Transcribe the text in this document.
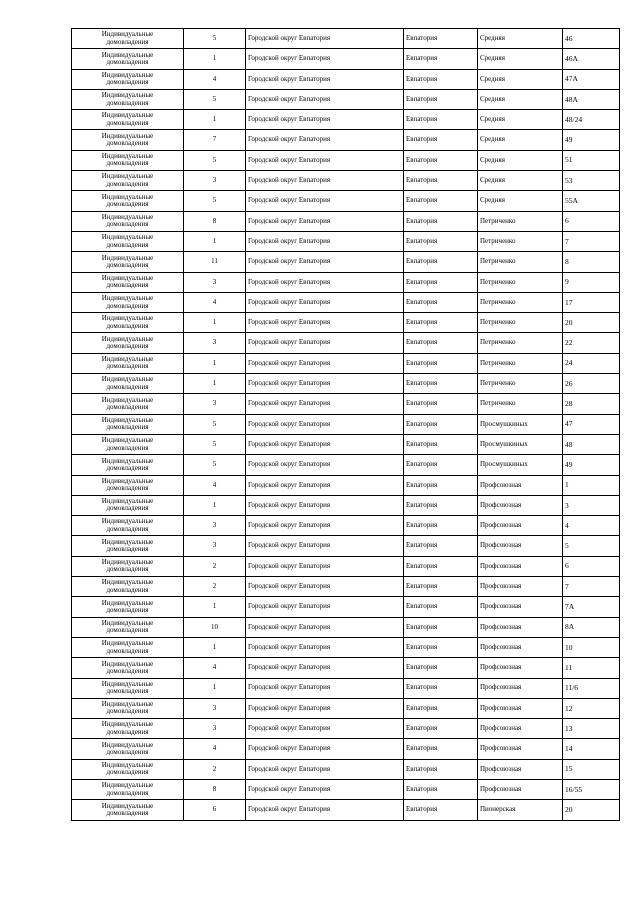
Индивидуальные
домовладения	5	Городской округ Евпатория	Евпатория	Средняя	46

Индивидуальные
домовладения	1	Городской округ Евпатория	Евпатория	Средняя	46А

Индивидуальные
домовладения	4	Городской округ Евпатория	Евпатория	Средняя	47А

Индивидуальные
домовладения	5	Городской округ Евпатория	Евпатория	Средняя	48А

Индивидуальные
домовладения	1	Городской округ Евпатория	Евпатория	Средняя	48/24

Индивидуальные
домовладения	7	Городской округ Евпатория	Евпатория	Средняя	49

Индивидуальные
домовладения	5	Городской округ Евпатория	Евпатория	Средняя	51

Индивидуальные
домовладения	3	Городской округ Евпатория	Евпатория	Средняя	53

Индивидуальные
домовладения	5	Городской округ Евпатория	Евпатория	Средняя	55А

Индивидуальные
домовладения	8	Городской округ Евпатория	Евпатория	Петриченко	6

Индивидуальные
домовладения	1	Городской округ Евпатория	Евпатория	Петриченко	7

Индивидуальные
домовладения	11	Городской округ Евпатория	Евпатория	Петриченко	8

Индивидуальные
домовладения	3	Городской округ Евпатория	Евпатория	Петриченко	9

Индивидуальные
домовладения	4	Городской округ Евпатория	Евпатория	Петриченко	17

Индивидуальные
домовладения	1	Городской округ Евпатория	Евпатория	Петриченко	20

Индивидуальные
домовладения	3	Городской округ Евпатория	Евпатория	Петриченко	22

Индивидуальные
домовладения	1	Городской округ Евпатория	Евпатория	Петриченко	24

Индивидуальные
домовладения	1	Городской округ Евпатория	Евпатория	Петриченко	26

Индивидуальные
домовладения	3	Городской округ Евпатория	Евпатория	Петриченко	28

Индивидуальные
домовладения	5	Городской округ Евпатория	Евпатория	Просмушкиных	47

Индивидуальные
домовладения	5	Городской округ Евпатория	Евпатория	Просмушкиных	48

Индивидуальные
домовладения	5	Городской округ Евпатория	Евпатория	Просмушкиных	49

Индивидуальные
домовладения	4	Городской округ Евпатория	Евпатория	Профсоюзная	1

Индивидуальные
домовладения	1	Городской округ Евпатория	Евпатория	Профсоюзная	3

Индивидуальные
домовладения	3	Городской округ Евпатория	Евпатория	Профсоюзная	4

Индивидуальные
домовладения	3	Городской округ Евпатория	Евпатория	Профсоюзная	5

Индивидуальные
домовладения	2	Городской округ Евпатория	Евпатория	Профсоюзная	6

Индивидуальные
домовладения	2	Городской округ Евпатория	Евпатория	Профсоюзная	7

Индивидуальные
домовладения	1	Городской округ Евпатория	Евпатория	Профсоюзная	7А

Индивидуальные
домовладения	10	Городской округ Евпатория	Евпатория	Профсоюзная	8А

Индивидуальные
домовладения	1	Городской округ Евпатория	Евпатория	Профсоюзная	10

Индивидуальные
домовладения	4	Городской округ Евпатория	Евпатория	Профсоюзная	11

Индивидуальные
домовладения	1	Городской округ Евпатория	Евпатория	Профсоюзная	11/6

Индивидуальные
домовладения	3	Городской округ Евпатория	Евпатория	Профсоюзная	12

Индивидуальные
домовладения	3	Городской округ Евпатория	Евпатория	Профсоюзная	13

Индивидуальные
домовладения	4	Городской округ Евпатория	Евпатория	Профсоюзная	14

Индивидуальные
домовладения	2	Городской округ Евпатория	Евпатория	Профсоюзная	15

Индивидуальные
домовладения	8	Городской округ Евпатория	Евпатория	Профсоюзная	16/55

Индивидуальные
домовладения	6	Городской округ Евпатория	Евпатория	Пионерская	20
